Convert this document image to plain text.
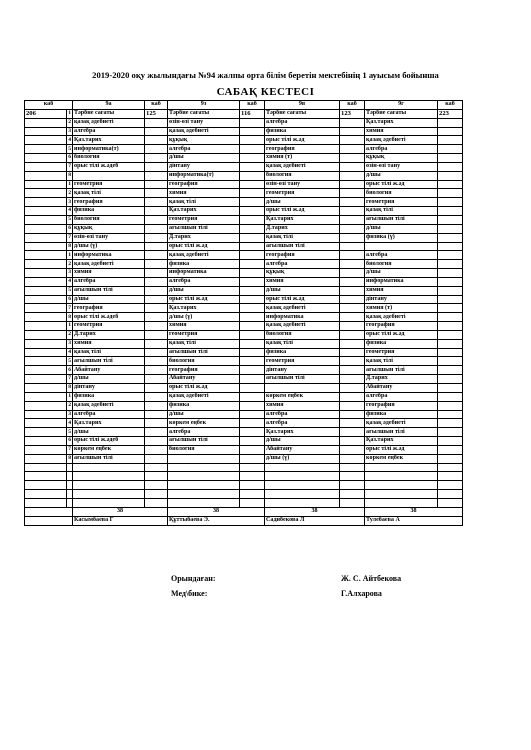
2019-2020 оқу жылындағы №94 жалпы орта білім беретін мектебінің 1 ауысым бойынша
САБАҚ КЕСТЕСІ
каб		9а	каб	9з	каб	9в	каб	9г	каб
206	1	Тәрбие сағаты	125	Тәрбие сағаты	116	Тәрбие сағаты	123	Тәрбие сағаты	223
	2	қазақ әдебиеті		өзін-өзі тану		алгебра		Қаз.тарих	
	3	алгебра		қазақ әдебиеті		физика		химия	
	4	Қаз.тарих		құқық		орыс тілі ж.әд		қазақ әдебиеті	
	5	информатика(т)		алгебра		география		алгебра	
	6	биология		д/шы		химия (т)		құқық	
	7	орыс тілі ж.әдеб		дінтану		қазақ әдебиеті		өзін-өзі тану	
	8			информатика(т)		биология		д/шы	
	1	геометрия		география		өзін-өзі тану		орыс тілі ж.әд	
	2	қазақ тілі		химия		геометрия		биология	
	3	география		қазақ тілі		д/шы		геометрия	
	4	физика		Қаз.тарих		орыс тілі ж.әд		қазақ тілі	
	5	биология		геометрия		Қаз.тарих		ағылшын тілі	
	6	құқық		ағылшын тілі		Д.тарих		д/шы	
	7	өзін-өзі тану		Д.тарих		қазақ тілі		физика (ү)	
	8	д/шы (ү)		орыс тілі ж.әд		ағылшын тілі			
	1	информатика		қазақ әдебиеті		география		алгебра	
	2	қазақ әдебиеті		физика		алгебра		биология	
	3	химия		информатика		құқық		д/шы	
	4	алгебра		алгебра		химия		информатика	
	5	ағылшын тілі		д/шы		д/шы		химия	
	6	д/шы		орыс тілі ж.әд		орыс тілі ж.әд		дінтану	
	7	география		Қаз.тарих		қазақ әдебиеті		химия (т)	
	8	орыс тілі ж.әдеб		д/шы (ү)		информатика		қазақ әдебиеті	
	1	геометрия		химия		қазақ әдебиеті		география	
	2	Д.тарих		геометрия		биология		орыс тілі ж.әд	
	3	химия		қазақ тілі		қазақ тілі		физика	
	4	қазақ тілі		ағылшын тілі		физика		геометрия	
	5	ағылшын тілі		биология		геометрия		қазақ тілі	
	6	Абайтану		география		дінтану		ағылшын тілі	
	7	д/шы		Абайтану		ағылшын тілі		Д.тарих	
	8	дінтану		орыс тілі ж.әд				Абайтану	
	1	физика		қазақ әдебиеті		көркем еңбек		алгебра	
	2	қазақ әдебиеті		физика		химия		география	
	3	алгебра		д/шы		алгебра		физика	
	4	Қаз.тарих		көркем еңбек		алгебра		қазақ әдебиеті	
	5	д/шы		алгебра		Қаз.тарих		ағылшын тілі	
	6	орыс тілі ж.әдеб		ағылшын тілі		д/шы		Қаз.тарих	
	7	көркем еңбек		биология		Абайтану		орыс тілі ж.әд	
	8	ағылшын тілі				д/шы (ү)		көркем еңбек	

		38		38		38		38	
		Касымбаева Г		Құттыбаева Э.		Садибекова Л		Тулебаева А	
Орындаған:
Мед\бике:
Ж. С. Айтбекова
Г.Алхарова
